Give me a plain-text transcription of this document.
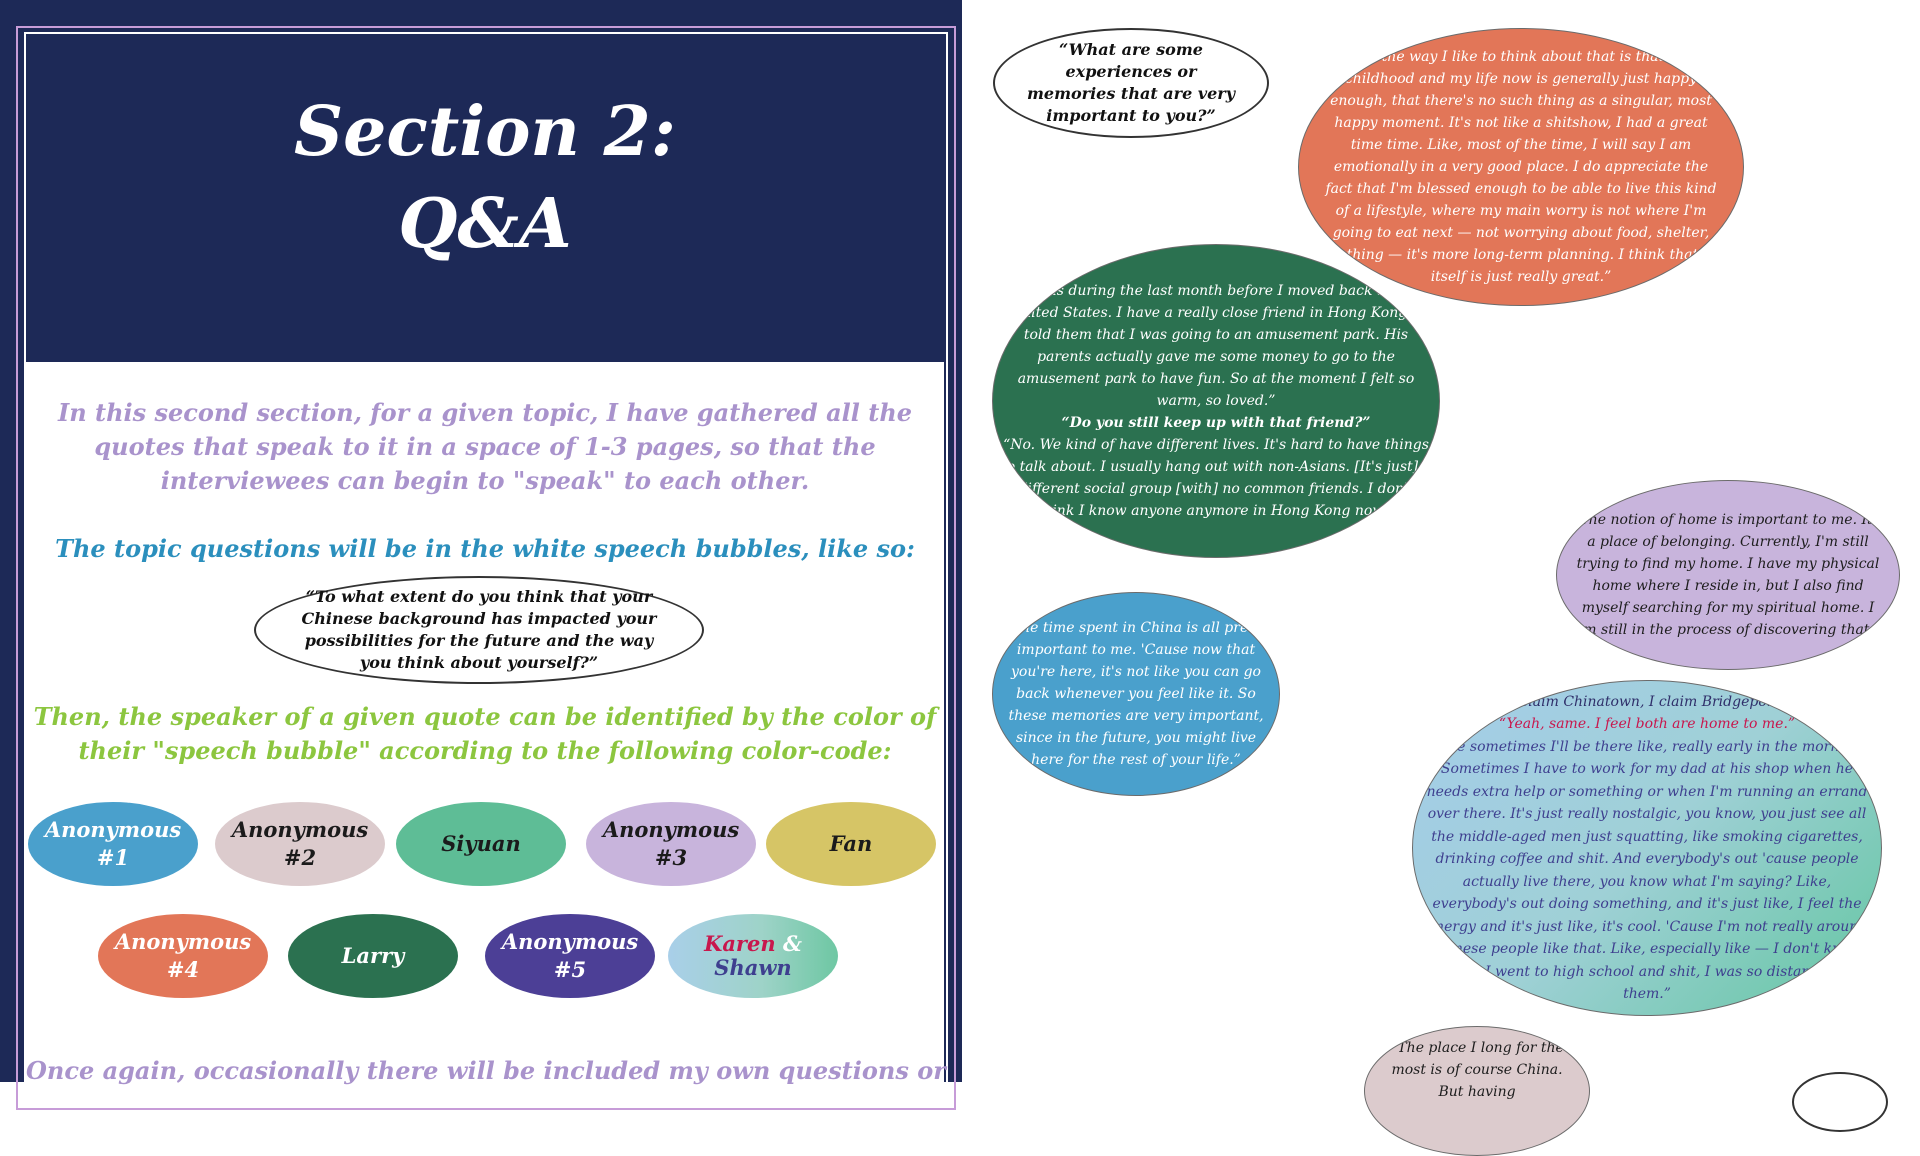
Section 2:
Q&A
In this second section, for a given topic, I have gathered all the quotes that speak to it in a space of 1-3 pages, so that the interviewees can begin to "speak" to each other.
The topic questions will be in the white speech bubbles, like so:
“To what extent do you think that your Chinese background has impacted your possibilities for the future and the way you think about yourself?”
Then, the speaker of a given quote can be identified by the color of their "speech bubble" according to the following color-code:
Anonymous
#1
Anonymous
#2
Siyuan
Anonymous
#3
Fan
Anonymous
#4
Larry
Anonymous
#5
Karen &
Shawn
Once again, occasionally there will be included my own questions or
“What are some experiences or memories that are very important to you?”
“So the way I like to think about that is that my childhood and my life now is generally just happy enough, that there's no such thing as a singular, most happy moment. It's not like a shitshow, I had a great time time. Like, most of the time, I will say I am emotionally in a very good place. I do appreciate the fact that I'm blessed enough to be able to live this kind of a lifestyle, where my main worry is not where I'm going to eat next — not worrying about food, shelter, clothing — it's more long-term planning. I think that in itself is just really great.”
“It was during the last month before I moved back to the United States. I have a really close friend in Hong Kong. I told them that I was going to an amusement park. His parents actually gave me some money to go to the amusement park to have fun. So at the moment I felt so warm, so loved.”
“Do you still keep up with that friend?”
“No. We kind of have different lives. It's hard to have things to talk about. I usually hang out with non-Asians. [It's just] a different social group [with] no common friends. I don't think I know anyone anymore in Hong Kong now.”
“The notion of home is important to me. It's a place of belonging. Currently, I'm still trying to find my home. I have my physical home where I reside in, but I also find myself searching for my spiritual home. I am still in the process of discovering that.”
“The time spent in China is all pretty important to me. 'Cause now that you're here, it's not like you can go back whenever you feel like it. So these memories are very important, since in the future, you might live here for the rest of your life.”
“I claim Chinatown, I claim Bridgeport.”
“Yeah, same. I feel both are home to me.”
“Like sometimes I'll be there like, really early in the morning. Sometimes I have to work for my dad at his shop when he needs extra help or something or when I'm running an errand over there. It's just really nostalgic, you know, you just see all the middle-aged men just squatting, like smoking cigarettes, drinking coffee and shit. And everybody's out 'cause people actually live there, you know what I'm saying? Like, everybody's out doing something, and it's just like, I feel the energy and it's just like, it's cool. 'Cause I'm not really around Chinese people like that. Like, especially like — I don't know. When I went to high school and shit, I was so distant from them.”
“The place I long for the most is of course China. But having
